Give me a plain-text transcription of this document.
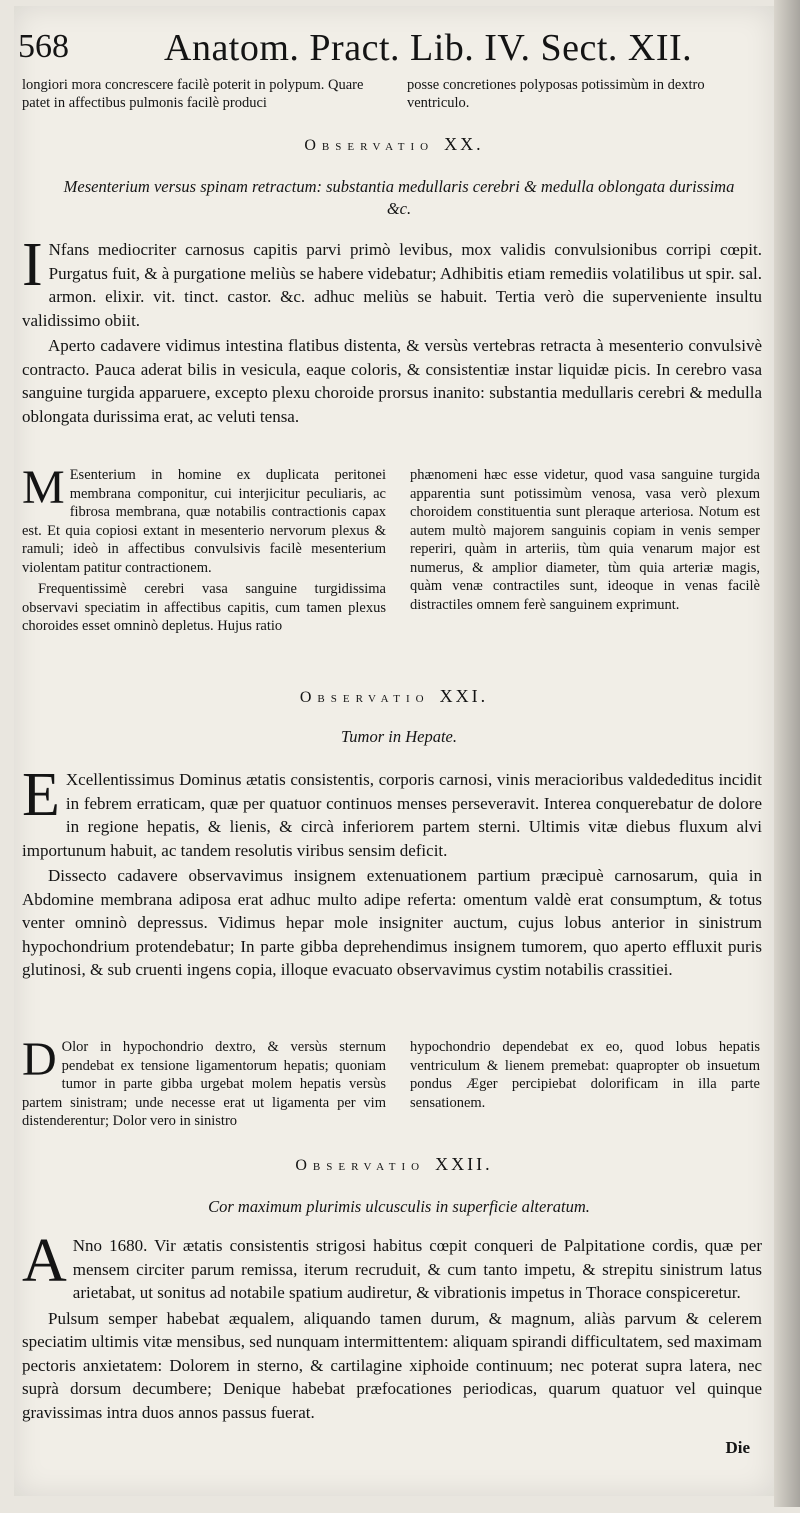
568	Anatom. Pract. Lib. IV. Sect. XII.
longiori mora concrescere facilè poterit in polypum. Quare patet in affectibus pulmonis facilè produci
posse concretiones polyposas potissimùm in dextro ventriculo.
Observatio XX.
Mesenterium versus spinam retractum: substantia medullaris cerebri & medulla oblongata durissima &c.

I Nfans mediocriter carnosus capitis parvi primò levibus, mox validis convulsionibus corripi cœpit. Purgatus fuit, & à purgatione meliùs se habere videbatur; Adhibitis etiam remediis volatilibus ut spir. sal. armon. elixir. vit. tinct. castor. &c. adhuc meliùs se habuit. Tertia verò die superveniente insultu validissimo obiit.

Aperto cadavere vidimus intestina flatibus distenta, & versùs vertebras retracta à mesenterio convulsivè contracto. Pauca aderat bilis in vesicula, eaque coloris, & consistentiæ instar liquidæ picis. In cerebro vasa sanguine turgida apparuere, excepto plexu choroide prorsus inanito: substantia medullaris cerebri & medulla oblongata durissima erat, ac veluti tensa.

M Esenterium in homine ex duplicata peritonei membrana componitur, cui interjicitur peculiaris, ac fibrosa membrana, quæ notabilis contractionis capax est. Et quia copiosi extant in mesenterio nervorum plexus & ramuli; ideò in affectibus convulsivis facilè mesenterium violentam patitur contractionem.

Frequentissimè cerebri vasa sanguine turgidissima observavi speciatim in affectibus capitis, cum tamen plexus choroides esset omninò depletus. Hujus ratio

phænomeni hæc esse videtur, quod vasa sanguine turgida apparentia sunt potissimùm venosa, vasa verò plexum choroidem constituentia sunt pleraque arteriosa. Notum est autem multò majorem sanguinis copiam in venis semper reperiri, quàm in arteriis, tùm quia venarum major est numerus, & amplior diameter, tùm quia arteriæ magis, quàm venæ contractiles sunt, ideoque in venas facilè distractiles omnem ferè sanguinem exprimunt.

Observatio XXI.
Tumor in Hepate.

E Xcellentissimus Dominus ætatis consistentis, corporis carnosi, vinis meracioribus valdededitus incidit in febrem erraticam, quæ per quatuor continuos menses perseveravit. Interea conquerebatur de dolore in regione hepatis, & lienis, & circà inferiorem partem sterni. Ultimis vitæ diebus fluxum alvi importunum habuit, ac tandem resolutis viribus sensim deficit.

Dissecto cadavere observavimus insignem extenuationem partium præcipuè carnosarum, quia in Abdomine membrana adiposa erat adhuc multo adipe referta: omentum valdè erat consumptum, & totus venter omninò depressus. Vidimus hepar mole insigniter auctum, cujus lobus anterior in sinistrum hypochondrium protendebatur; In parte gibba deprehendimus insignem tumorem, quo aperto effluxit puris glutinosi, & sub cruenti ingens copia, illoque evacuato observavimus cystim notabilis crassitiei.

D Olor in hypochondrio dextro, & versùs sternum pendebat ex tensione ligamentorum hepatis; quoniam tumor in parte gibba urgebat molem hepatis versùs partem sinistram; unde necesse erat ut ligamenta per vim distenderentur; Dolor vero in sinistro

hypochondrio dependebat ex eo, quod lobus hepatis ventriculum & lienem premebat: quapropter ob insuetum pondus Æger percipiebat dolorificam in illa parte sensationem.

Observatio XXII.
Cor maximum plurimis ulcusculis in superficie alteratum.

A Nno 1680. Vir ætatis consistentis strigosi habitus cœpit conqueri de Palpitatione cordis, quæ per mensem circiter parum remissa, iterum recruduit, & cum tanto impetu, & strepitu sinistrum latus arietabat, ut sonitus ad notabile spatium audiretur, & vibrationis impetus in Thorace conspiceretur.

Pulsum semper habebat æqualem, aliquando tamen durum, & magnum, aliàs parvum & celerem speciatim ultimis vitæ mensibus, sed nunquam intermittentem: aliquam spirandi difficultatem, sed maximam pectoris anxietatem: Dolorem in sterno, & cartilagine xiphoide continuum; nec poterat supra latera, nec suprà dorsum decumbere; Denique habebat præfocationes periodicas, quarum quatuor vel quinque gravissimas intra duos annos passus fuerat.

Die
